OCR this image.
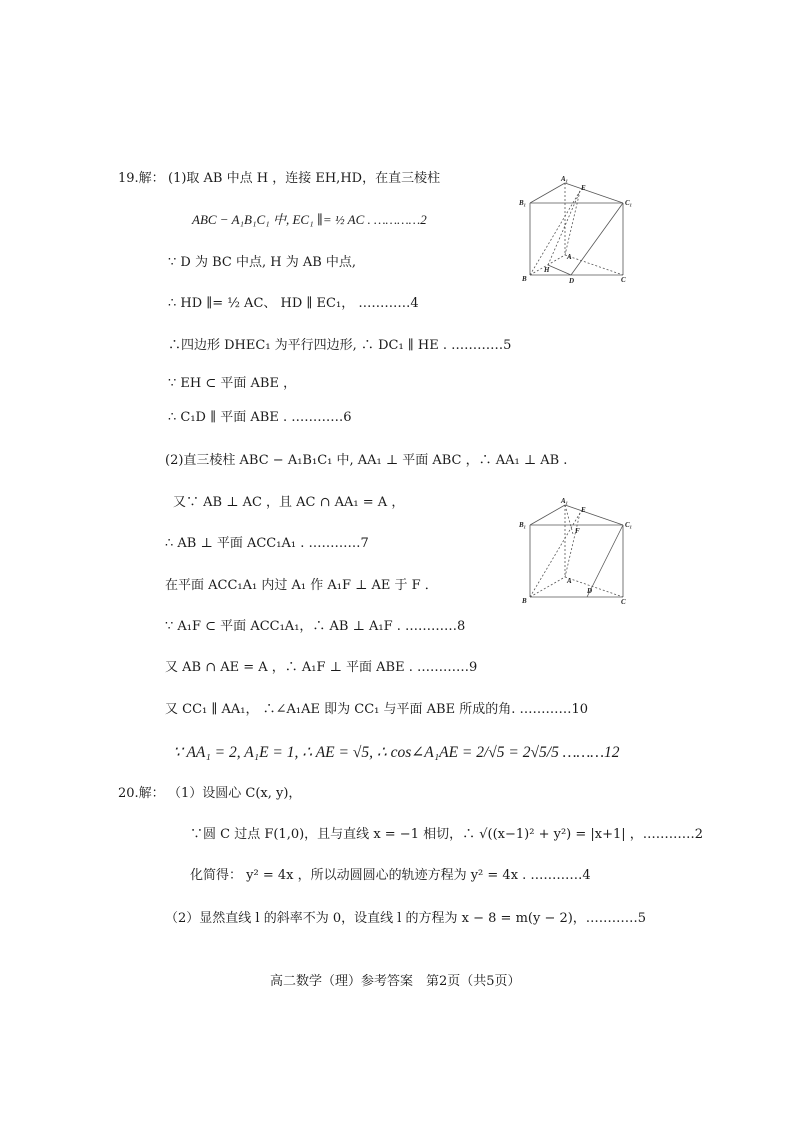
19.解： (1)取 AB 中点 H ，连接 EH,HD，在直三棱柱
ABC − A₁B₁C₁ 中, EC₁ ∥= ½ AC . …………2
∵ D 为 BC 中点, H 为 AB 中点,
∴ HD ∥= ½ AC、 HD ∥ EC₁， …………4
∴四边形 DHEC₁ 为平行四边形, ∴ DC₁ ∥ HE . …………5
∵ EH ⊂ 平面 ABE ，
∴ C₁D ∥ 平面 ABE . …………6
(2)直三棱柱 ABC − A₁B₁C₁ 中, AA₁ ⊥ 平面 ABC ，∴ AA₁ ⊥ AB .
又∵ AB ⊥ AC ，且 AC ∩ AA₁ = A ，
∴ AB ⊥ 平面 ACC₁A₁ . …………7
在平面 ACC₁A₁ 内过 A₁ 作 A₁F ⊥ AE 于 F ．
∵ A₁F ⊂ 平面 ACC₁A₁，∴ AB ⊥ A₁F . …………8
又 AB ∩ AE = A ，∴ A₁F ⊥ 平面 ABE . …………9
又 CC₁ ∥ AA₁， ∴∠A₁AE 即为 CC₁ 与平面 ABE 所成的角. …………10
∵ AA₁ = 2, A₁E = 1, ∴ AE = √5, ∴ cos∠A₁AE = 2/√5 = 2√5/5 ………12
A₁
B₁	C₁
E
A
B	C
H
D
A₁
B₁	C₁
E
F
A
B	C
D
20.解： （1）设圆心 C(x, y)，
∵圆 C 过点 F(1,0)，且与直线 x = −1 相切，∴ √((x−1)² + y²) = |x+1| ，…………2
化简得： y² = 4x ，所以动圆圆心的轨迹方程为 y² = 4x . …………4
（2）显然直线 l 的斜率不为 0，设直线 l 的方程为 x − 8 = m(y − 2)，…………5
高二数学（理）参考答案　第2页（共5页）
